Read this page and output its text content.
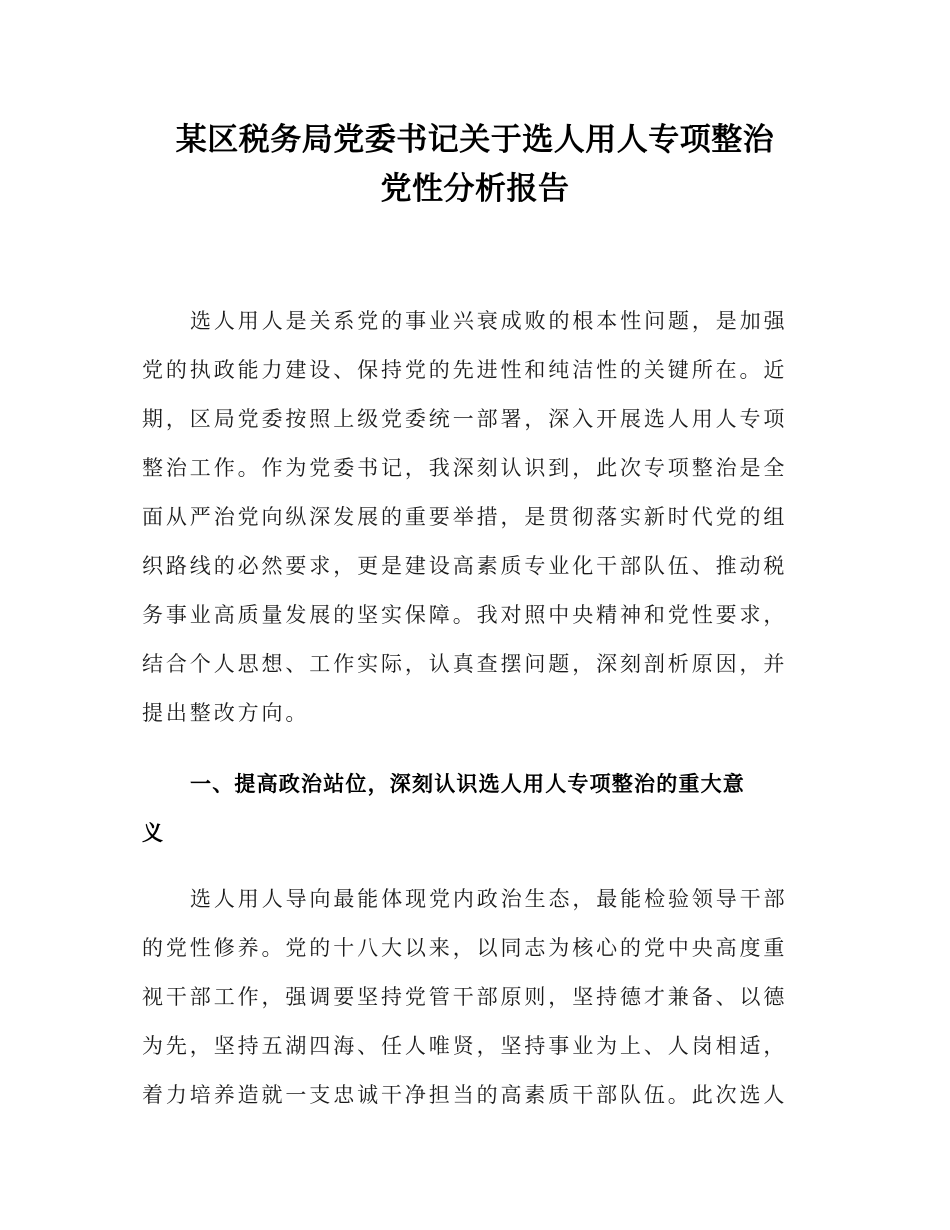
某区税务局党委书记关于选人用人专项整治
党性分析报告
选人用人是关系党的事业兴衰成败的根本性问题，是加强
党的执政能力建设、保持党的先进性和纯洁性的关键所在。近
期，区局党委按照上级党委统一部署，深入开展选人用人专项
整治工作。作为党委书记，我深刻认识到，此次专项整治是全
面从严治党向纵深发展的重要举措，是贯彻落实新时代党的组
织路线的必然要求，更是建设高素质专业化干部队伍、推动税
务事业高质量发展的坚实保障。我对照中央精神和党性要求，
结合个人思想、工作实际，认真查摆问题，深刻剖析原因，并
提出整改方向。
一、提高政治站位，深刻认识选人用人专项整治的重大意
义
选人用人导向最能体现党内政治生态，最能检验领导干部
的党性修养。党的十八大以来，以同志为核心的党中央高度重
视干部工作，强调要坚持党管干部原则，坚持德才兼备、以德
为先，坚持五湖四海、任人唯贤，坚持事业为上、人岗相适，
着力培养造就一支忠诚干净担当的高素质干部队伍。此次选人
